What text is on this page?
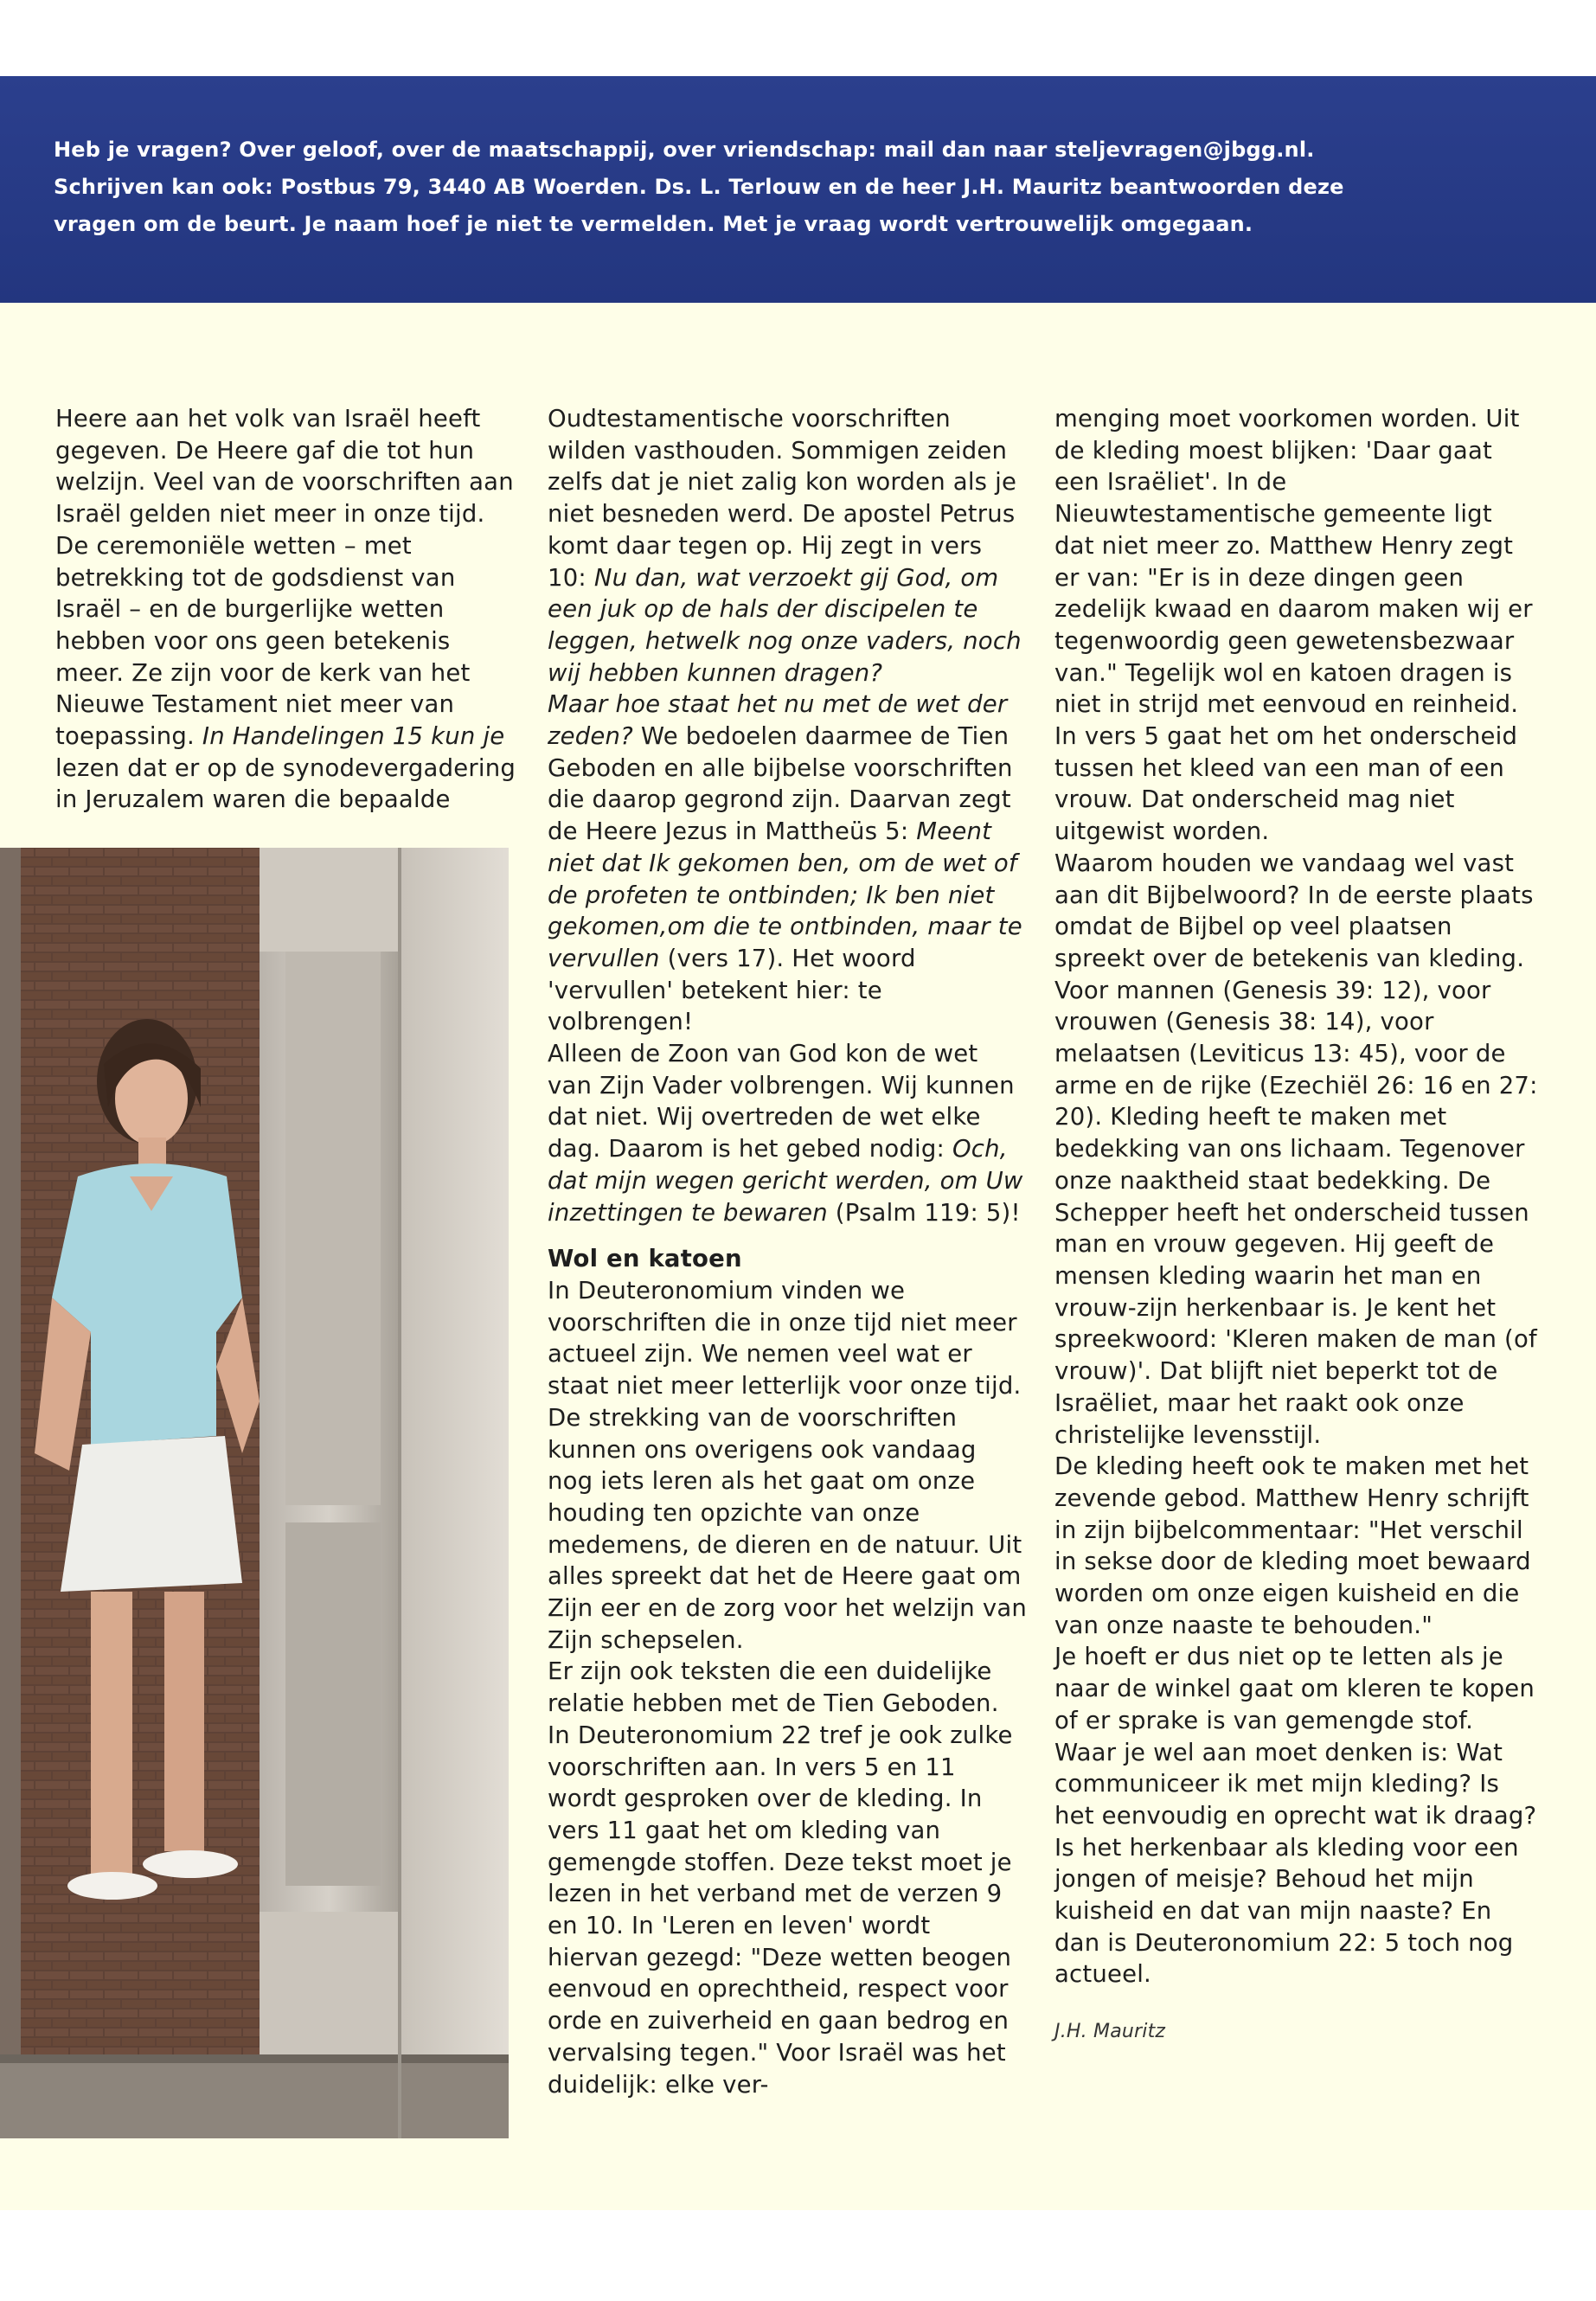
Heb je vragen? Over geloof, over de maatschappij, over vriendschap: mail dan naar steljevragen@jbgg.nl.
Schrijven kan ook: Postbus 79, 3440 AB Woerden. Ds. L. Terlouw en de heer J.H. Mauritz beantwoorden deze
vragen om de beurt. Je naam hoef je niet te vermelden. Met je vraag wordt vertrouwelijk omgegaan.

Heere aan het volk van Israël heeft gegeven. De Heere gaf die tot hun welzijn. Veel van de voorschriften aan Israël gelden niet meer in onze tijd. De ceremoniële wetten – met betrekking tot de godsdienst van Israël – en de burgerlijke wetten hebben voor ons geen betekenis meer. Ze zijn voor de kerk van het Nieuwe Testament niet meer van toepassing. In Handelingen 15 kun je lezen dat er op de synodevergadering in Jeruzalem waren die bepaalde

Oudtestamentische voorschriften wilden vasthouden. Sommigen zeiden zelfs dat je niet zalig kon worden als je niet besneden werd. De apostel Petrus komt daar tegen op. Hij zegt in vers 10: Nu dan, wat verzoekt gij God, om een juk op de hals der discipelen te leggen, hetwelk nog onze vaders, noch wij hebben kunnen dragen?

Maar hoe staat het nu met de wet der zeden? We bedoelen daarmee de Tien Geboden en alle bijbelse voorschriften die daarop gegrond zijn. Daarvan zegt de Heere Jezus in Mattheüs 5: Meent niet dat Ik gekomen ben, om de wet of de profeten te ontbinden; Ik ben niet gekomen,om die te ontbinden, maar te vervullen (vers 17). Het woord 'vervullen' betekent hier: te volbrengen!

Alleen de Zoon van God kon de wet van Zijn Vader volbrengen. Wij kunnen dat niet. Wij overtreden de wet elke dag. Daarom is het gebed nodig: Och, dat mijn wegen gericht werden, om Uw inzettingen te bewaren (Psalm 119: 5)!

Wol en katoen

In Deuteronomium vinden we voorschriften die in onze tijd niet meer actueel zijn. We nemen veel wat er staat niet meer letterlijk voor onze tijd. De strekking van de voorschriften kunnen ons overigens ook vandaag nog iets leren als het gaat om onze houding ten opzichte van onze medemens, de dieren en de natuur. Uit alles spreekt dat het de Heere gaat om Zijn eer en de zorg voor het welzijn van Zijn schepselen.

Er zijn ook teksten die een duidelijke relatie hebben met de Tien Geboden. In Deuteronomium 22 tref je ook zulke voorschriften aan. In vers 5 en 11 wordt gesproken over de kleding. In vers 11 gaat het om kleding van gemengde stoffen. Deze tekst moet je lezen in het verband met de verzen 9 en 10. In 'Leren en leven' wordt hiervan gezegd: "Deze wetten beogen eenvoud en oprechtheid, respect voor orde en zuiverheid en gaan bedrog en vervalsing tegen." Voor Israël was het duidelijk: elke ver-

menging moet voorkomen worden. Uit de kleding moest blijken: 'Daar gaat een Israëliet'. In de Nieuwtestamentische gemeente ligt dat niet meer zo. Matthew Henry zegt er van: "Er is in deze dingen geen zedelijk kwaad en daarom maken wij er tegenwoordig geen gewetensbezwaar van." Tegelijk wol en katoen dragen is niet in strijd met eenvoud en reinheid.

In vers 5 gaat het om het onderscheid tussen het kleed van een man of een vrouw. Dat onderscheid mag niet uitgewist worden.

Waarom houden we vandaag wel vast aan dit Bijbelwoord? In de eerste plaats omdat de Bijbel op veel plaatsen spreekt over de betekenis van kleding. Voor mannen (Genesis 39: 12), voor vrouwen (Genesis 38: 14), voor melaatsen (Leviticus 13: 45), voor de arme en de rijke (Ezechiël 26: 16 en 27: 20). Kleding heeft te maken met bedekking van ons lichaam. Tegenover onze naaktheid staat bedekking. De Schepper heeft het onderscheid tussen man en vrouw gegeven. Hij geeft de mensen kleding waarin het man en vrouw-zijn herkenbaar is. Je kent het spreekwoord: 'Kleren maken de man (of vrouw)'. Dat blijft niet beperkt tot de Israëliet, maar het raakt ook onze christelijke levensstijl.

De kleding heeft ook te maken met het zevende gebod. Matthew Henry schrijft in zijn bijbelcommentaar: "Het verschil in sekse door de kleding moet bewaard worden om onze eigen kuisheid en die van onze naaste te behouden."

Je hoeft er dus niet op te letten als je naar de winkel gaat om kleren te kopen of er sprake is van gemengde stof. Waar je wel aan moet denken is: Wat communiceer ik met mijn kleding? Is het eenvoudig en oprecht wat ik draag? Is het herkenbaar als kleding voor een jongen of meisje? Behoud het mijn kuisheid en dat van mijn naaste? En dan is Deuteronomium 22: 5 toch nog actueel.

J.H. Mauritz
